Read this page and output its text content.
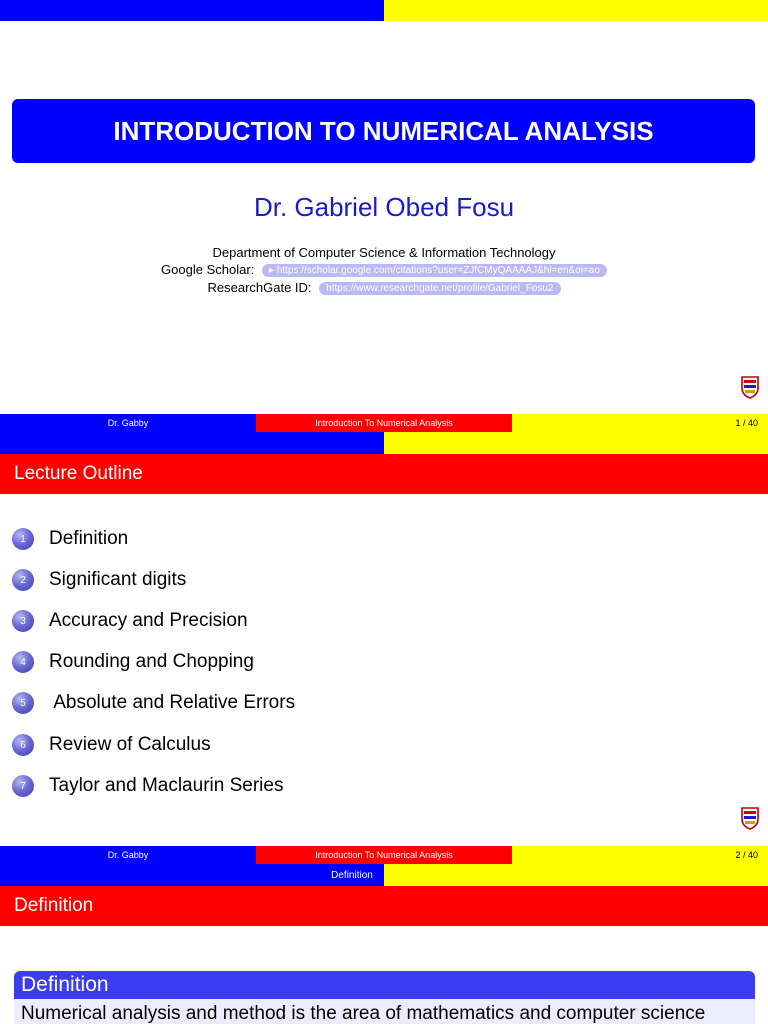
INTRODUCTION TO NUMERICAL ANALYSIS
Dr. Gabriel Obed Fosu
Department of Computer Science & Information Technology
Google Scholar: ▸ https://scholar.google.com/citations?user=ZJfCMyQAAAAJ&hl=en&oi=ao
ResearchGate ID: https://www.researchgate.net/profile/Gabriel_Fosu2
Dr. Gabby	Introduction To Numerical Analysis	1 / 40
Lecture Outline
1	Definition
2	Significant digits
3	Accuracy and Precision
4	Rounding and Chopping
5	Absolute and Relative Errors
6	Review of Calculus
7	Taylor and Maclaurin Series
Dr. Gabby	Introduction To Numerical Analysis	2 / 40
Definition
Definition
Definition
Numerical analysis and method is the area of mathematics and computer science
